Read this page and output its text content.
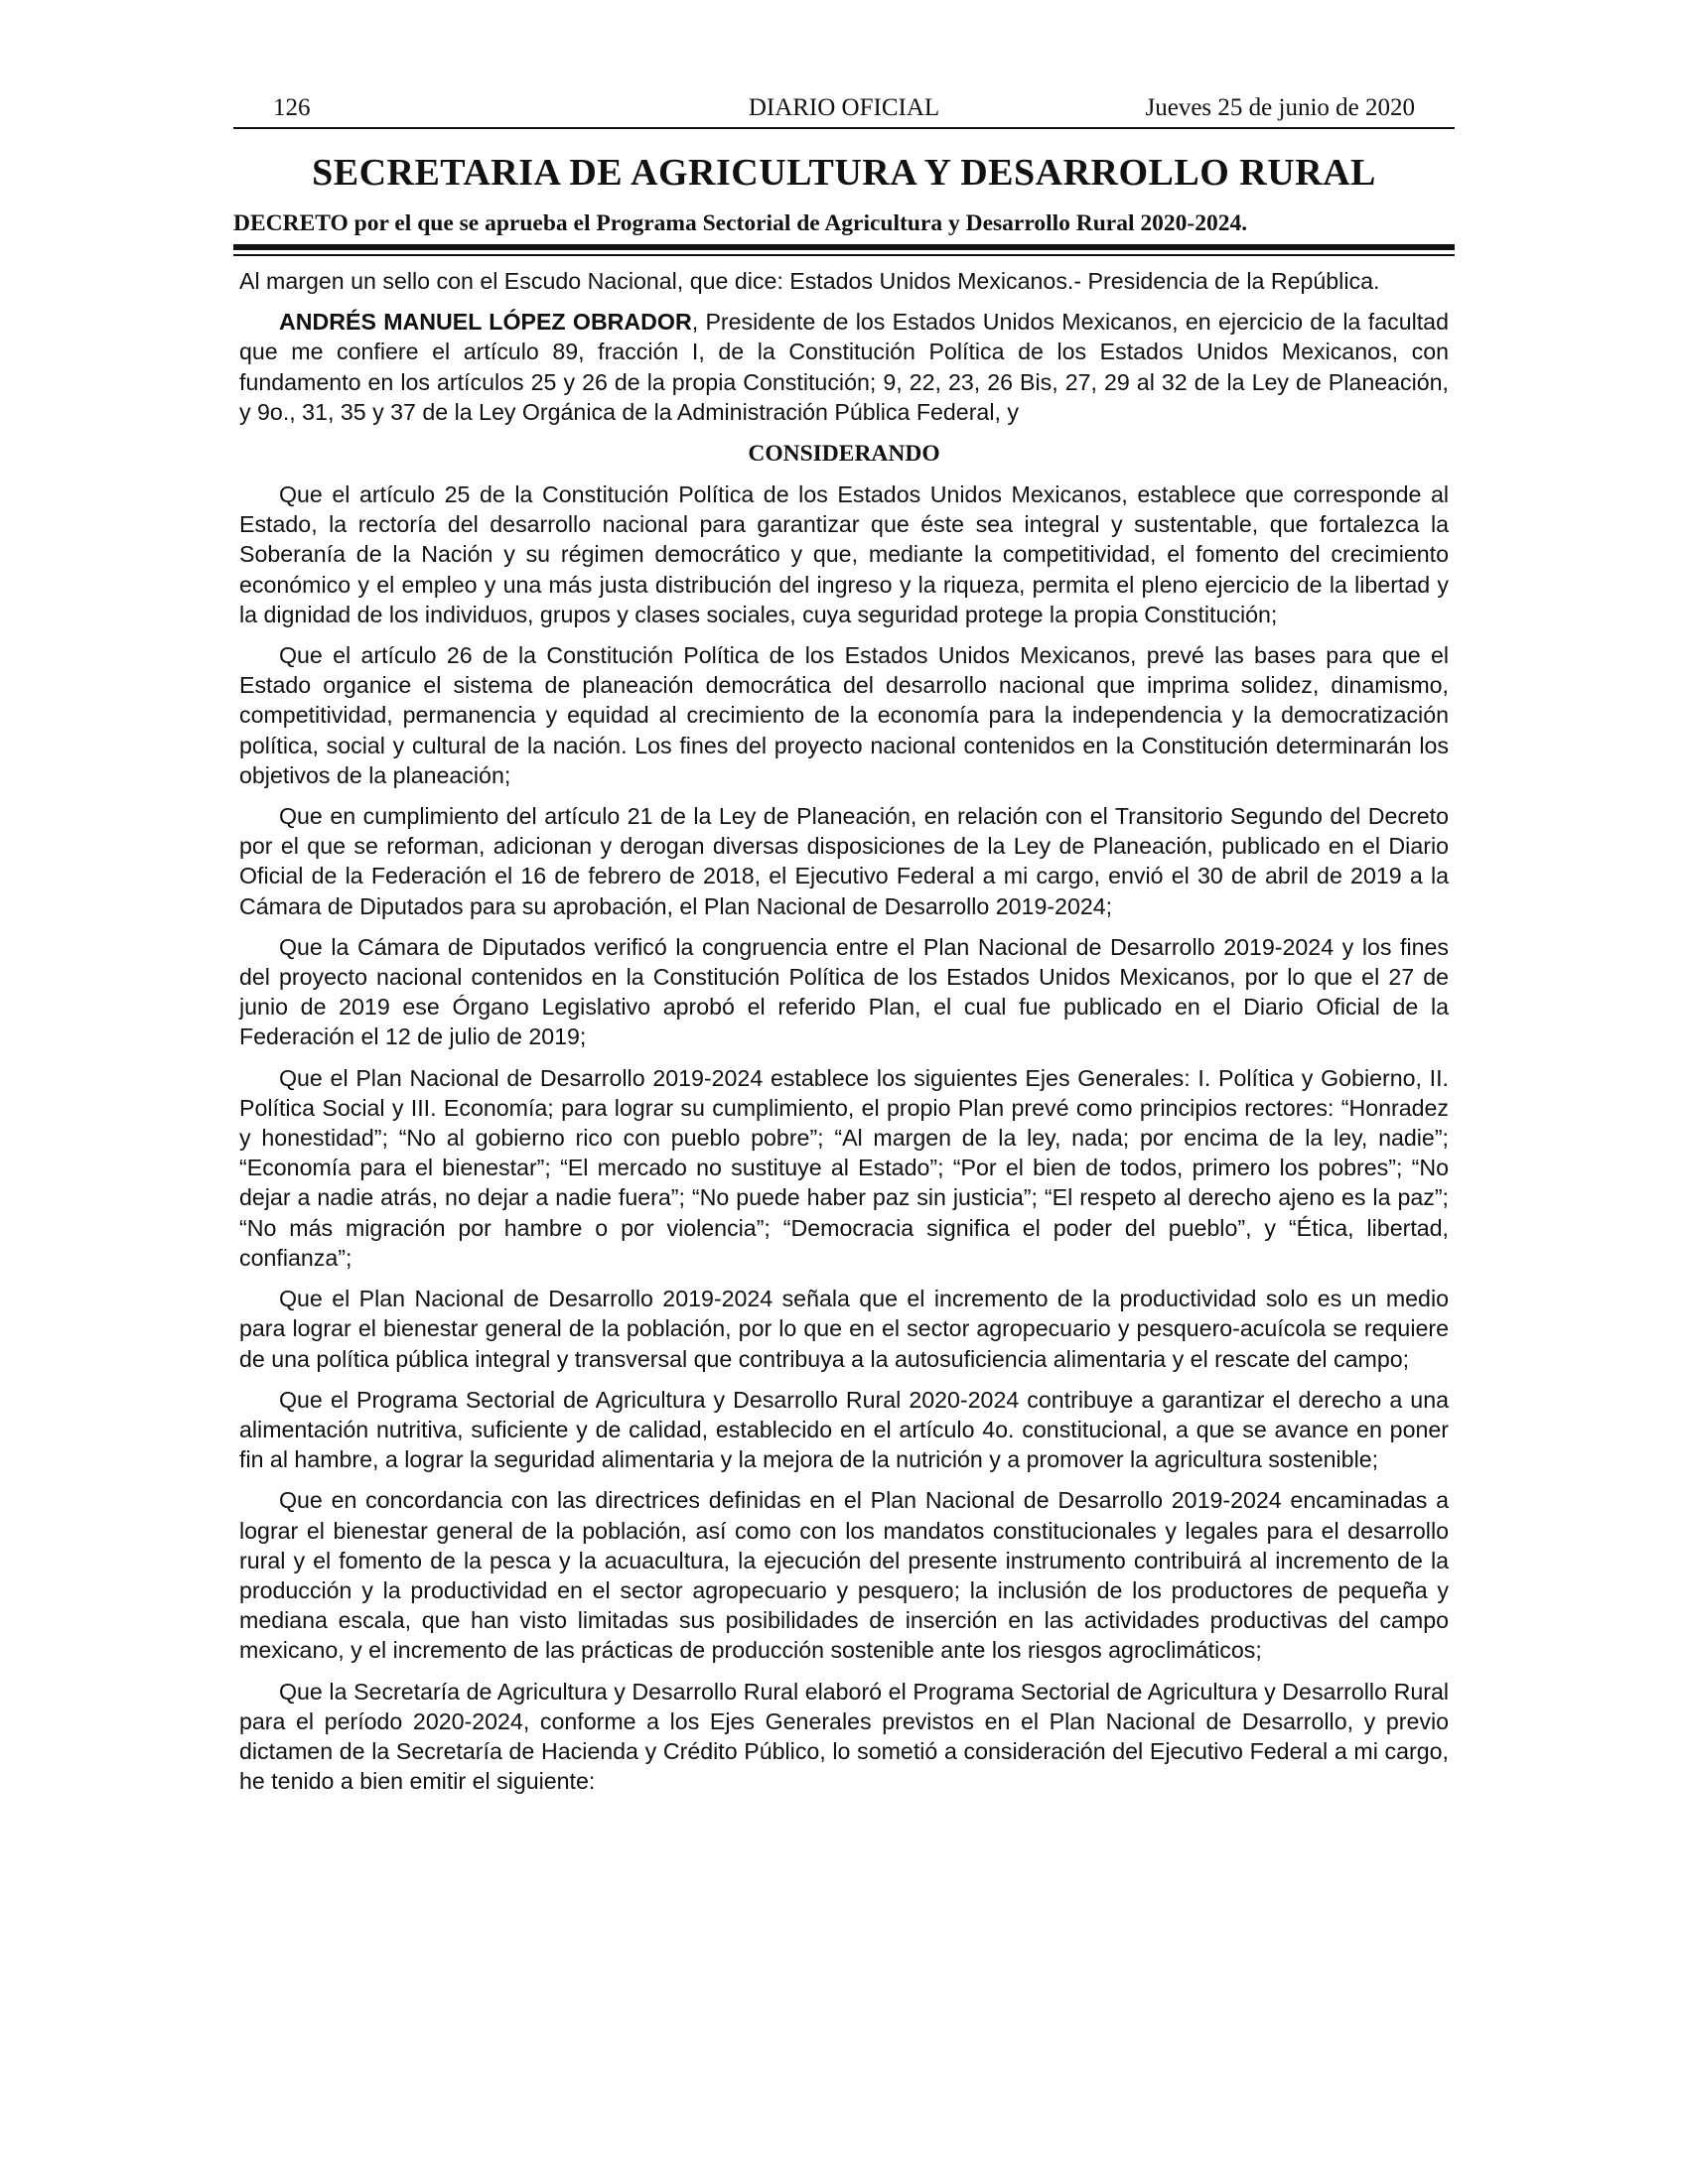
126	DIARIO OFICIAL	Jueves 25 de junio de 2020
SECRETARIA DE AGRICULTURA Y DESARROLLO RURAL
DECRETO por el que se aprueba el Programa Sectorial de Agricultura y Desarrollo Rural 2020-2024.

Al margen un sello con el Escudo Nacional, que dice: Estados Unidos Mexicanos.- Presidencia de la República.

ANDRÉS MANUEL LÓPEZ OBRADOR, Presidente de los Estados Unidos Mexicanos, en ejercicio de la facultad que me confiere el artículo 89, fracción I, de la Constitución Política de los Estados Unidos Mexicanos, con fundamento en los artículos 25 y 26 de la propia Constitución; 9, 22, 23, 26 Bis, 27, 29 al 32 de la Ley de Planeación, y 9o., 31, 35 y 37 de la Ley Orgánica de la Administración Pública Federal, y

CONSIDERANDO

Que el artículo 25 de la Constitución Política de los Estados Unidos Mexicanos, establece que corresponde al Estado, la rectoría del desarrollo nacional para garantizar que éste sea integral y sustentable, que fortalezca la Soberanía de la Nación y su régimen democrático y que, mediante la competitividad, el fomento del crecimiento económico y el empleo y una más justa distribución del ingreso y la riqueza, permita el pleno ejercicio de la libertad y la dignidad de los individuos, grupos y clases sociales, cuya seguridad protege la propia Constitución;

Que el artículo 26 de la Constitución Política de los Estados Unidos Mexicanos, prevé las bases para que el Estado organice el sistema de planeación democrática del desarrollo nacional que imprima solidez, dinamismo, competitividad, permanencia y equidad al crecimiento de la economía para la independencia y la democratización política, social y cultural de la nación. Los fines del proyecto nacional contenidos en la Constitución determinarán los objetivos de la planeación;

Que en cumplimiento del artículo 21 de la Ley de Planeación, en relación con el Transitorio Segundo del Decreto por el que se reforman, adicionan y derogan diversas disposiciones de la Ley de Planeación, publicado en el Diario Oficial de la Federación el 16 de febrero de 2018, el Ejecutivo Federal a mi cargo, envió el 30 de abril de 2019 a la Cámara de Diputados para su aprobación, el Plan Nacional de Desarrollo 2019-2024;

Que la Cámara de Diputados verificó la congruencia entre el Plan Nacional de Desarrollo 2019-2024 y los fines del proyecto nacional contenidos en la Constitución Política de los Estados Unidos Mexicanos, por lo que el 27 de junio de 2019 ese Órgano Legislativo aprobó el referido Plan, el cual fue publicado en el Diario Oficial de la Federación el 12 de julio de 2019;

Que el Plan Nacional de Desarrollo 2019-2024 establece los siguientes Ejes Generales: I. Política y Gobierno, II. Política Social y III. Economía; para lograr su cumplimiento, el propio Plan prevé como principios rectores: “Honradez y honestidad”; “No al gobierno rico con pueblo pobre”; “Al margen de la ley, nada; por encima de la ley, nadie”; “Economía para el bienestar”; “El mercado no sustituye al Estado”; “Por el bien de todos, primero los pobres”; “No dejar a nadie atrás, no dejar a nadie fuera”; “No puede haber paz sin justicia”; “El respeto al derecho ajeno es la paz”; “No más migración por hambre o por violencia”; “Democracia significa el poder del pueblo”, y “Ética, libertad, confianza”;

Que el Plan Nacional de Desarrollo 2019-2024 señala que el incremento de la productividad solo es un medio para lograr el bienestar general de la población, por lo que en el sector agropecuario y pesquero-acuícola se requiere de una política pública integral y transversal que contribuya a la autosuficiencia alimentaria y el rescate del campo;

Que el Programa Sectorial de Agricultura y Desarrollo Rural 2020-2024 contribuye a garantizar el derecho a una alimentación nutritiva, suficiente y de calidad, establecido en el artículo 4o. constitucional, a que se avance en poner fin al hambre, a lograr la seguridad alimentaria y la mejora de la nutrición y a promover la agricultura sostenible;

Que en concordancia con las directrices definidas en el Plan Nacional de Desarrollo 2019-2024 encaminadas a lograr el bienestar general de la población, así como con los mandatos constitucionales y legales para el desarrollo rural y el fomento de la pesca y la acuacultura, la ejecución del presente instrumento contribuirá al incremento de la producción y la productividad en el sector agropecuario y pesquero; la inclusión de los productores de pequeña y mediana escala, que han visto limitadas sus posibilidades de inserción en las actividades productivas del campo mexicano, y el incremento de las prácticas de producción sostenible ante los riesgos agroclimáticos;

Que la Secretaría de Agricultura y Desarrollo Rural elaboró el Programa Sectorial de Agricultura y Desarrollo Rural para el período 2020-2024, conforme a los Ejes Generales previstos en el Plan Nacional de Desarrollo, y previo dictamen de la Secretaría de Hacienda y Crédito Público, lo sometió a consideración del Ejecutivo Federal a mi cargo, he tenido a bien emitir el siguiente:
